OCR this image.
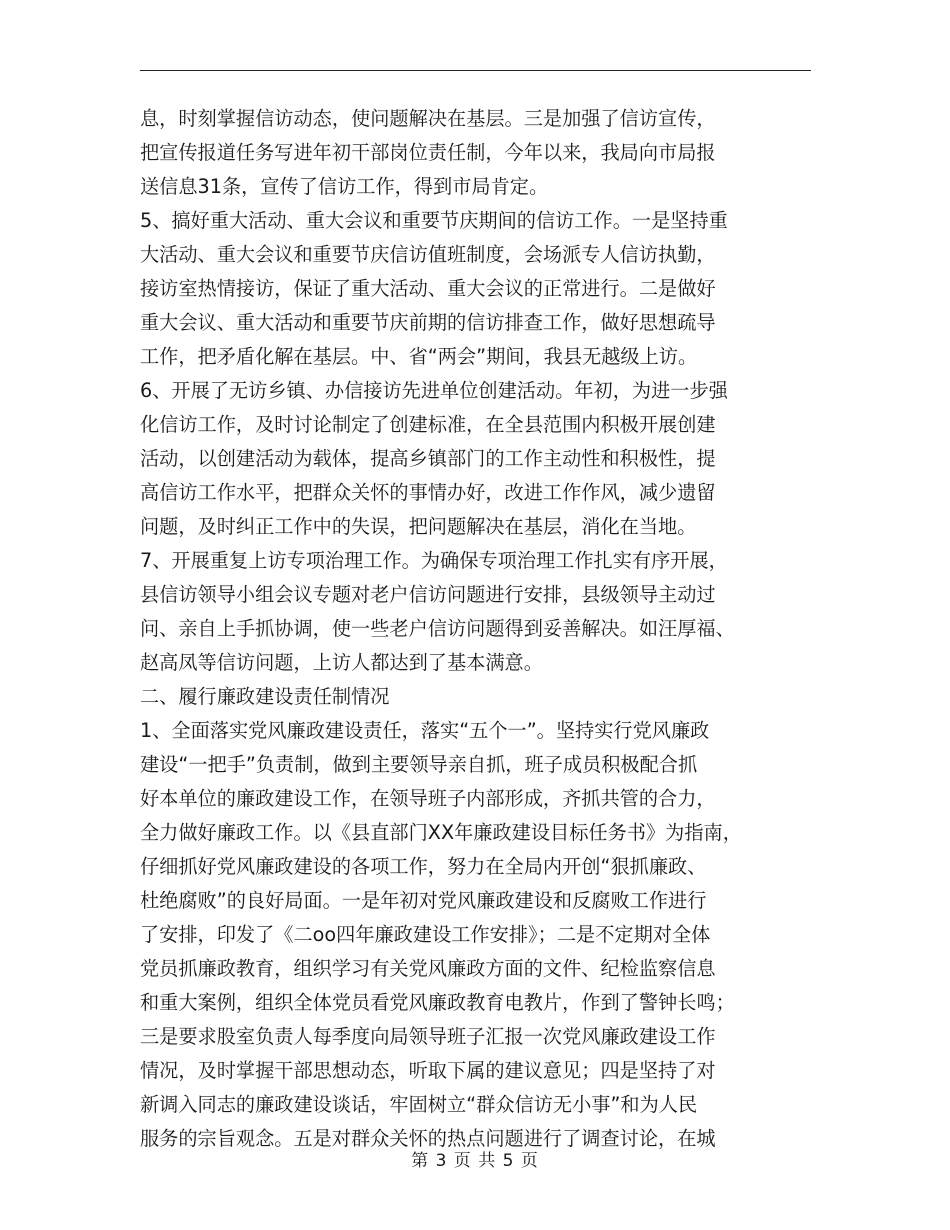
息，时刻掌握信访动态，使问题解决在基层。三是加强了信访宣传，
把宣传报道任务写进年初干部岗位责任制，今年以来，我局向市局报
送信息31条，宣传了信访工作，得到市局肯定。
5、搞好重大活动、重大会议和重要节庆期间的信访工作。一是坚持重
大活动、重大会议和重要节庆信访值班制度，会场派专人信访执勤，
接访室热情接访，保证了重大活动、重大会议的正常进行。二是做好
重大会议、重大活动和重要节庆前期的信访排查工作，做好思想疏导
工作，把矛盾化解在基层。中、省“两会”期间，我县无越级上访。
6、开展了无访乡镇、办信接访先进单位创建活动。年初，为进一步强
化信访工作，及时讨论制定了创建标准，在全县范围内积极开展创建
活动，以创建活动为载体，提高乡镇部门的工作主动性和积极性，提
高信访工作水平，把群众关怀的事情办好，改进工作作风，减少遗留
问题，及时纠正工作中的失误，把问题解决在基层，消化在当地。
7、开展重复上访专项治理工作。为确保专项治理工作扎实有序开展，
县信访领导小组会议专题对老户信访问题进行安排，县级领导主动过
问、亲自上手抓协调，使一些老户信访问题得到妥善解决。如汪厚福、
赵高凤等信访问题，上访人都达到了基本满意。
二、履行廉政建设责任制情况
1、全面落实党风廉政建设责任，落实“五个一”。坚持实行党风廉政
建设“一把手”负责制，做到主要领导亲自抓，班子成员积极配合抓
好本单位的廉政建设工作，在领导班子内部形成，齐抓共管的合力，
全力做好廉政工作。以《县直部门XX年廉政建设目标任务书》为指南，
仔细抓好党风廉政建设的各项工作，努力在全局内开创“狠抓廉政、
杜绝腐败”的良好局面。一是年初对党风廉政建设和反腐败工作进行
了安排，印发了《二oo四年廉政建设工作安排》；二是不定期对全体
党员抓廉政教育，组织学习有关党风廉政方面的文件、纪检监察信息
和重大案例，组织全体党员看党风廉政教育电教片，作到了警钟长鸣；
三是要求股室负责人每季度向局领导班子汇报一次党风廉政建设工作
情况，及时掌握干部思想动态，听取下属的建议意见；四是坚持了对
新调入同志的廉政建设谈话，牢固树立“群众信访无小事”和为人民
服务的宗旨观念。五是对群众关怀的热点问题进行了调查讨论，在城
第 3 页 共 5 页
